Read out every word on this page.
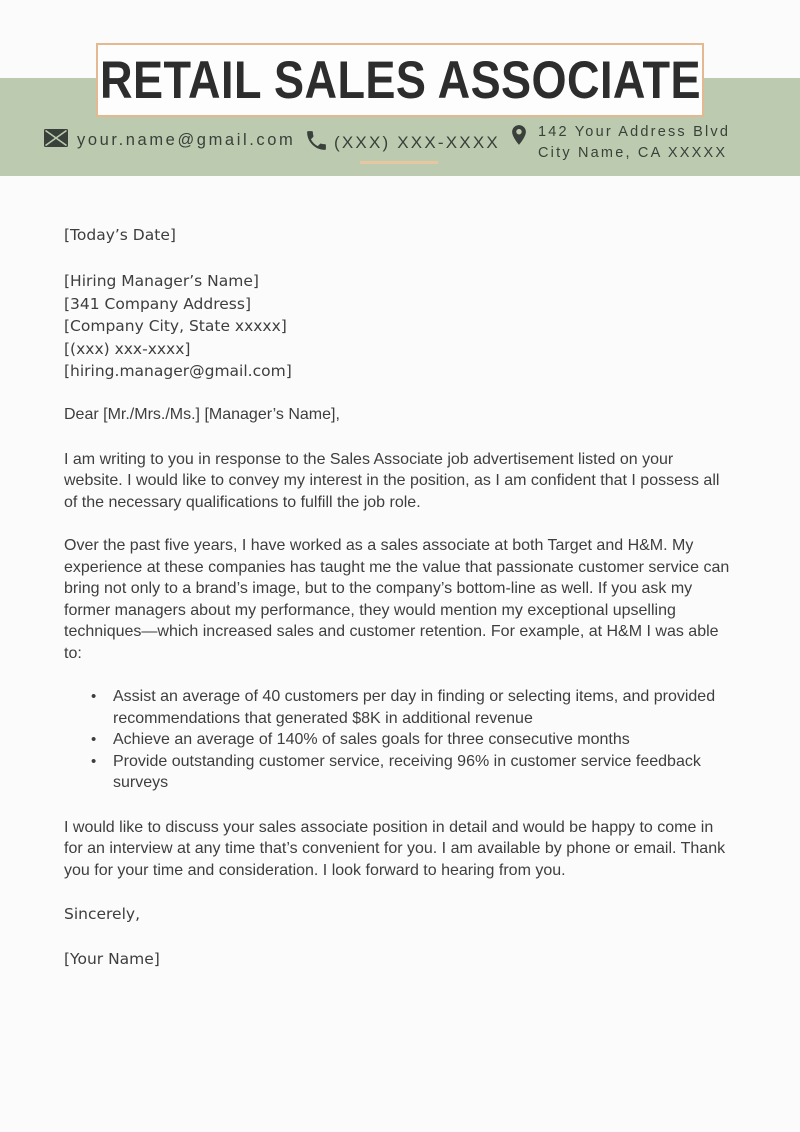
RETAIL SALES ASSOCIATE
your.name@gmail.com (XXX) XXX-XXXX
142 Your Address Blvd
City Name, CA XXXXX

[Today’s Date]

[Hiring Manager’s Name]
[341 Company Address]
[Company City, State xxxxx]
[(xxx) xxx-xxxx]
[hiring.manager@gmail.com]

Dear [Mr./Mrs./Ms.] [Manager’s Name],

I am writing to you in response to the Sales Associate job advertisement listed on your website. I would like to convey my interest in the position, as I am confident that I possess all of the necessary qualifications to fulfill the job role.

Over the past five years, I have worked as a sales associate at both Target and H&M. My experience at these companies has taught me the value that passionate customer service can bring not only to a brand’s image, but to the company’s bottom-line as well. If you ask my former managers about my performance, they would mention my exceptional upselling techniques—which increased sales and customer retention. For example, at H&M I was able to:

• Assist an average of 40 customers per day in finding or selecting items, and provided recommendations that generated $8K in additional revenue
• Achieve an average of 140% of sales goals for three consecutive months
• Provide outstanding customer service, receiving 96% in customer service feedback surveys

I would like to discuss your sales associate position in detail and would be happy to come in for an interview at any time that’s convenient for you. I am available by phone or email. Thank you for your time and consideration. I look forward to hearing from you.

Sincerely,

[Your Name]
